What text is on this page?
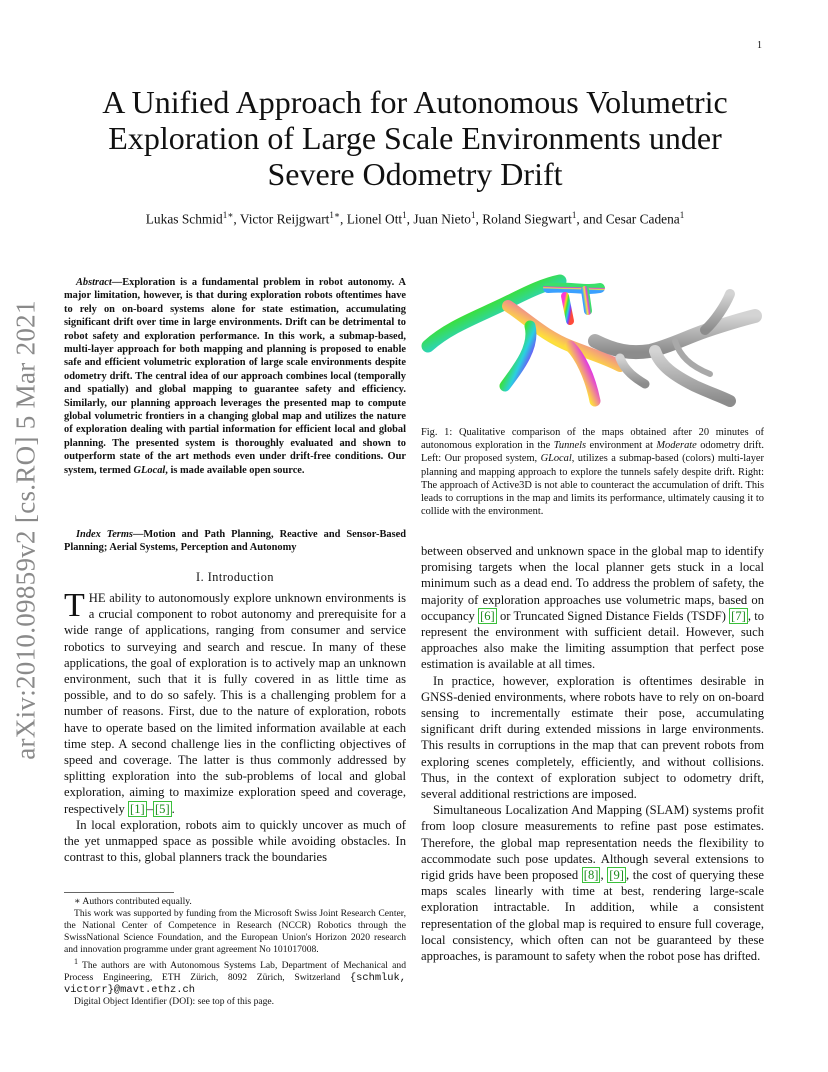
1
arXiv:2010.09859v2 [cs.RO] 5 Mar 2021
A Unified Approach for Autonomous Volumetric Exploration of Large Scale Environments under Severe Odometry Drift
Lukas Schmid$^{1∗}$, Victor Reijgwart$^{1∗}$, Lionel Ott$^1$, Juan Nieto$^1$, Roland Siegwart$^1$, and Cesar Cadena$^1$
Abstract—Exploration is a fundamental problem in robot autonomy. A major limitation, however, is that during exploration robots oftentimes have to rely on on-board systems alone for state estimation, accumulating significant drift over time in large environments. Drift can be detrimental to robot safety and exploration performance. In this work, a submap-based, multi-layer approach for both mapping and planning is proposed to enable safe and efficient volumetric exploration of large scale environments despite odometry drift. The central idea of our approach combines local (temporally and spatially) and global mapping to guarantee safety and efficiency. Similarly, our planning approach leverages the presented map to compute global volumetric frontiers in a changing global map and utilizes the nature of exploration dealing with partial information for efficient local and global planning. The presented system is thoroughly evaluated and shown to outperform state of the art methods even under drift-free conditions. Our system, termed GLocal, is made available open source.
Index Terms—Motion and Path Planning, Reactive and Sensor-Based Planning; Aerial Systems, Perception and Autonomy
I. Introduction

THE ability to autonomously explore unknown environments is a crucial component to robot autonomy and prerequisite for a wide range of applications, ranging from consumer and service robotics to surveying and search and rescue. In many of these applications, the goal of exploration is to actively map an unknown environment, such that it is fully covered in as little time as possible, and to do so safely. This is a challenging problem for a number of reasons. First, due to the nature of exploration, robots have to operate based on the limited information available at each time step. A second challenge lies in the conflicting objectives of speed and coverage. The latter is thus commonly addressed by splitting exploration into the sub-problems of local and global exploration, aiming to maximize exploration speed and coverage, respectively [1] – [5] .

In local exploration, robots aim to quickly uncover as much of the yet unmapped space as possible while avoiding obstacles. In contrast to this, global planners track the boundaries

∗ Authors contributed equally.

This work was supported by funding from the Microsoft Swiss Joint Research Center, the National Center of Competence in Research (NCCR) Robotics through the SwissNational Science Foundation, and the European Union's Horizon 2020 research and innovation programme under grant agreement No 101017008.

$^1$ The authors are with Autonomous Systems Lab, Department of Mechanical and Process Engineering, ETH Zürich, 8092 Zürich, Switzerland {schmluk, victorr}@mavt.ethz.ch

Digital Object Identifier (DOI): see top of this page.

Fig. 1: Qualitative comparison of the maps obtained after 20 minutes of autonomous exploration in the Tunnels environment at Moderate odometry drift. Left: Our proposed system, GLocal, utilizes a submap-based (colors) multi-layer planning and mapping approach to explore the tunnels safely despite drift. Right: The approach of Active3D is not able to counteract the accumulation of drift. This leads to corruptions in the map and limits its performance, ultimately causing it to collide with the environment.

between observed and unknown space in the global map to identify promising targets when the local planner gets stuck in a local minimum such as a dead end. To address the problem of safety, the majority of exploration approaches use volumetric maps, based on occupancy [6] or Truncated Signed Distance Fields (TSDF) [7] , to represent the environment with sufficient detail. However, such approaches also make the limiting assumption that perfect pose estimation is available at all times.

In practice, however, exploration is oftentimes desirable in GNSS-denied environments, where robots have to rely on on-board sensing to incrementally estimate their pose, accumulating significant drift during extended missions in large environments. This results in corruptions in the map that can prevent robots from exploring scenes completely, efficiently, and without collisions. Thus, in the context of exploration subject to odometry drift, several additional restrictions are imposed.

Simultaneous Localization And Mapping (SLAM) systems profit from loop closure measurements to refine past pose estimates. Therefore, the global map representation needs the flexibility to accommodate such pose updates. Although several extensions to rigid grids have been proposed [8] , [9] , the cost of querying these maps scales linearly with time at best, rendering large-scale exploration intractable. In addition, while a consistent representation of the global map is required to ensure full coverage, local consistency, which often can not be guaranteed by these approaches, is paramount to safety when the robot pose has drifted.
